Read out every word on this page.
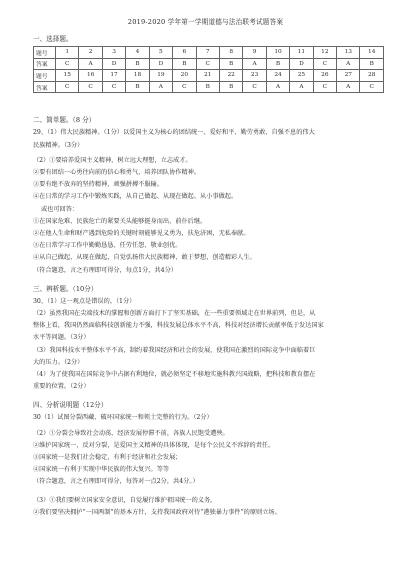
2019-2020 学年第一学期道德与法治联考试题答案
一、选择题。
题号	1	2	3	4	5	6	7	8	9	10	11	12	13	14
答案	C	A	D	B	D	B	C	B	A	B	D	C	A	B
题号	15	16	17	18	19	20	21	22	23	24	25	26	27	28
答案	C	C	C	B	A	C	B	B	C	A	A	C	A	C
二、简单题。（8 分）

29、（1）伟大民族精神。（1分）以爱国主义为核心的团结统一、爱好和平、勤劳勇敢、自强不息的伟大

民族精神。（3分）

（2）①要培养爱国主义精神，树立远大理想，立志成才。

②要有团结一心勇往向前的信心和勇气，培养团队协作精神。

③要有绝不放弃的坚持精神，顽强拼搏不服输。

④在日常的学习工作中锻炼实践，从自己做起、从现在做起、从小事做起。

或也可回答：

①在国家危难、民族危亡的紧要关头能够挺身而出，前仆后继。

②在他人生命和财产遇到危险的关键时刻能够见义勇为，扶危济困，无私奉献。

③在日常学习工作中勤勤恳恳、任劳任怨、敬业创优。

④从自己做起，从现在做起，自觉弘扬伟大民族精神，敢于梦想，创造精彩人生。

（符合题意，言之有理即可得分，每点1分，共4分）

三、辨析题。（10分）

30、（1）这一观点是错误的。（1分）

（2）虽然我国在尖端技术的掌握和创新方面打下了坚实基础，在一些重要领域走在世界前列，但是，从

整体上看，我国仍然面临科技创新能力不强，科技发展总体水平不高，科技对经济增长贡献率低于发达国家

水平等问题。（3分）

（3）我国科技水平整体水平不高，制约着我国经济和社会的发展，使我国在激烈的国际竞争中面临着巨

大的压力。（2分）

（4）为了使我国在国际竞争中占据有利地位，就必须坚定不移地实施科教兴国战略，把科技和教育摆在

重要的位置。（2分）

四、分析说明题（12分）

30（1）试图分裂西藏、破坏国家统一和领土完整的行为。（2分）

（2）①分裂会导致社会动荡，经济发展停滞不前，各族人民饱受遭殃。

②维护国家统一，反对分裂，是爱国主义精神的具体体现，是每个公民义不容辞的责任。

③国家统一是我们社会稳定，有利于经济和社会发展；

④国家统一有利于实现中华民族的伟大复兴。等等

（符合题意，言之有理即可得分，每答对一点2分，共4分。）

（3）①我们要树立国家安全意识，自觉履行维护祖国统一的义务。

②我们要坚决拥护“一国两制”的基本方针，支持我国政府对待“港独暴力事件”的原则立场。
